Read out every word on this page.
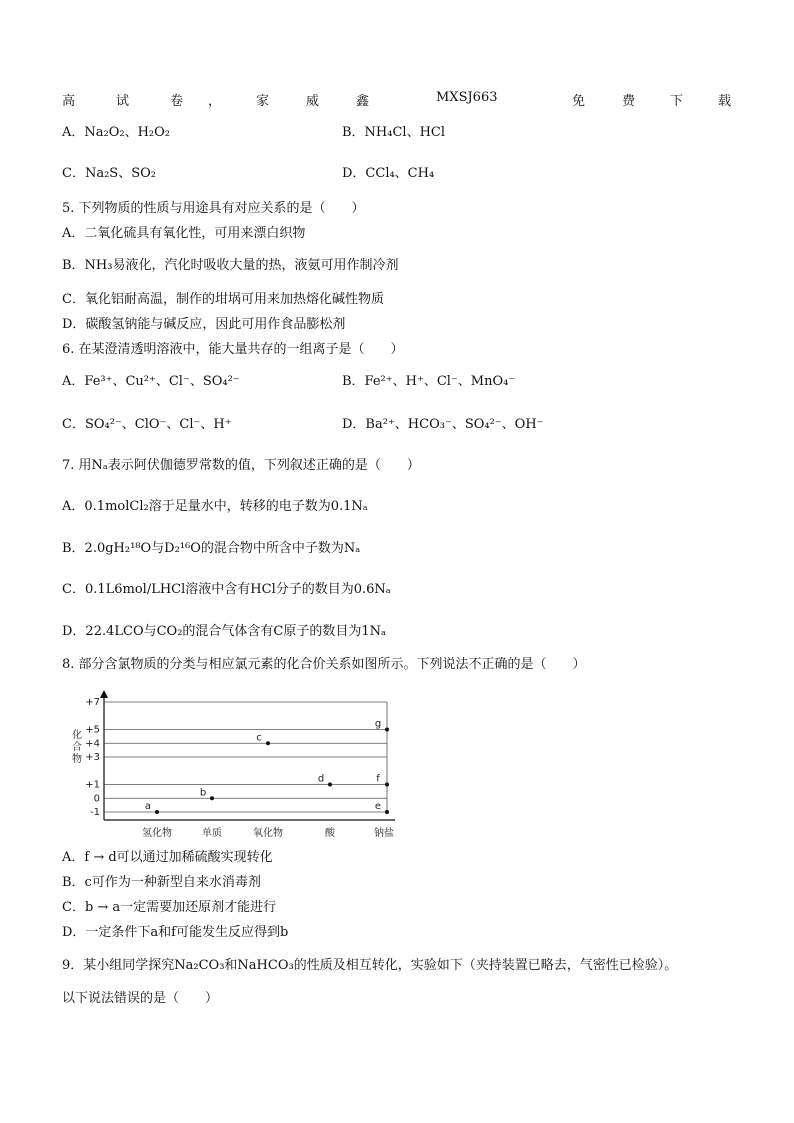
高	试	卷 ，	家	威	鑫	MXSJ663	免	费	下	载
A．Na₂O₂、H₂O₂	B．NH₄Cl、HCl
C．Na₂S、SO₂	D．CCl₄、CH₄
5. 下列物质的性质与用途具有对应关系的是（　　）
A．二氧化硫具有氧化性，可用来漂白织物
B．NH₃易液化，汽化时吸收大量的热，液氨可用作制冷剂
C．氧化铝耐高温，制作的坩埚可用来加热熔化碱性物质
D．碳酸氢钠能与碱反应，因此可用作食品膨松剂
6. 在某澄清透明溶液中，能大量共存的一组离子是（　　）
A．Fe³⁺、Cu²⁺、Cl⁻、SO₄²⁻	B．Fe²⁺、H⁺、Cl⁻、MnO₄⁻
C．SO₄²⁻、ClO⁻、Cl⁻、H⁺	D．Ba²⁺、HCO₃⁻、SO₄²⁻、OH⁻
7. 用Nₐ表示阿伏伽德罗常数的值，下列叙述正确的是（　　）
A．0.1molCl₂溶于足量水中，转移的电子数为0.1Nₐ
B．2.0gH₂¹⁸O与D₂¹⁶O的混合物中所含中子数为Nₐ
C．0.1L6mol/LHCl溶液中含有HCl分子的数目为0.6Nₐ
D．22.4LCO与CO₂的混合气体含有C原子的数目为1Nₐ
8. 部分含氯物质的分类与相应氯元素的化合价关系如图所示。下列说法不正确的是（　　）
化
合
物
+7
+5
+4
+3
+1
0
-1
氢化物	单质	氧化物	酸	钠盐
a
b
c
d
e
f
g
A．f → d可以通过加稀硫酸实现转化
B．c可作为一种新型自来水消毒剂
C．b → a一定需要加还原剂才能进行
D．一定条件下a和f可能发生反应得到b
9．某小组同学探究Na₂CO₃和NaHCO₃的性质及相互转化，实验如下（夹持装置已略去，气密性已检验）。
以下说法错误的是（　　）
